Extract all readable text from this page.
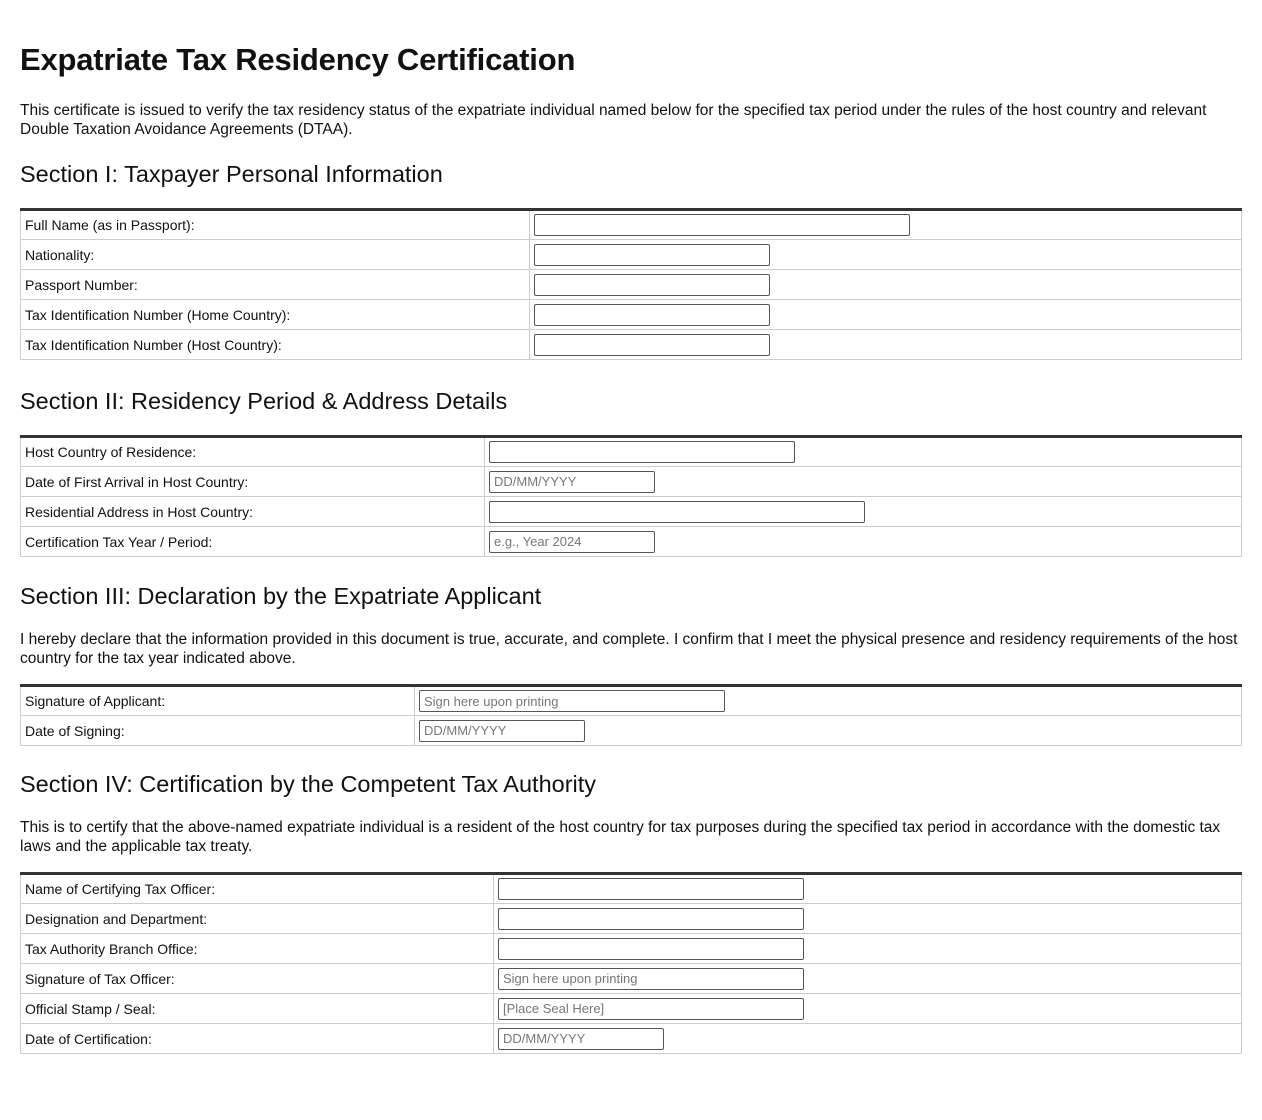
Expatriate Tax Residency Certification

This certificate is issued to verify the tax residency status of the expatriate individual named below for the specified tax period under the rules of the host country and relevant Double Taxation Avoidance Agreements (DTAA).

Section I: Taxpayer Personal Information
Full Name (as in Passport):	

Nationality:	

Passport Number:	

Tax Identification Number (Home Country):	

Tax Identification Number (Host Country):	
Section II: Residency Period & Address Details
Host Country of Residence:	

Date of First Arrival in Host Country:	
DD/MM/YYYY
Residential Address in Host Country:	

Certification Tax Year / Period:	
e.g., Year 2024
Section III: Declaration by the Expatriate Applicant

I hereby declare that the information provided in this document is true, accurate, and complete. I confirm that I meet the physical presence and residency requirements of the host country for the tax year indicated above.

Signature of Applicant:	
Sign here upon printing
Date of Signing:	
DD/MM/YYYY
Section IV: Certification by the Competent Tax Authority

This is to certify that the above-named expatriate individual is a resident of the host country for tax purposes during the specified tax period in accordance with the domestic tax laws and the applicable tax treaty.

Name of Certifying Tax Officer:	

Designation and Department:	

Tax Authority Branch Office:	

Signature of Tax Officer:	
Sign here upon printing
Official Stamp / Seal:	
[Place Seal Here]
Date of Certification:	
DD/MM/YYYY
